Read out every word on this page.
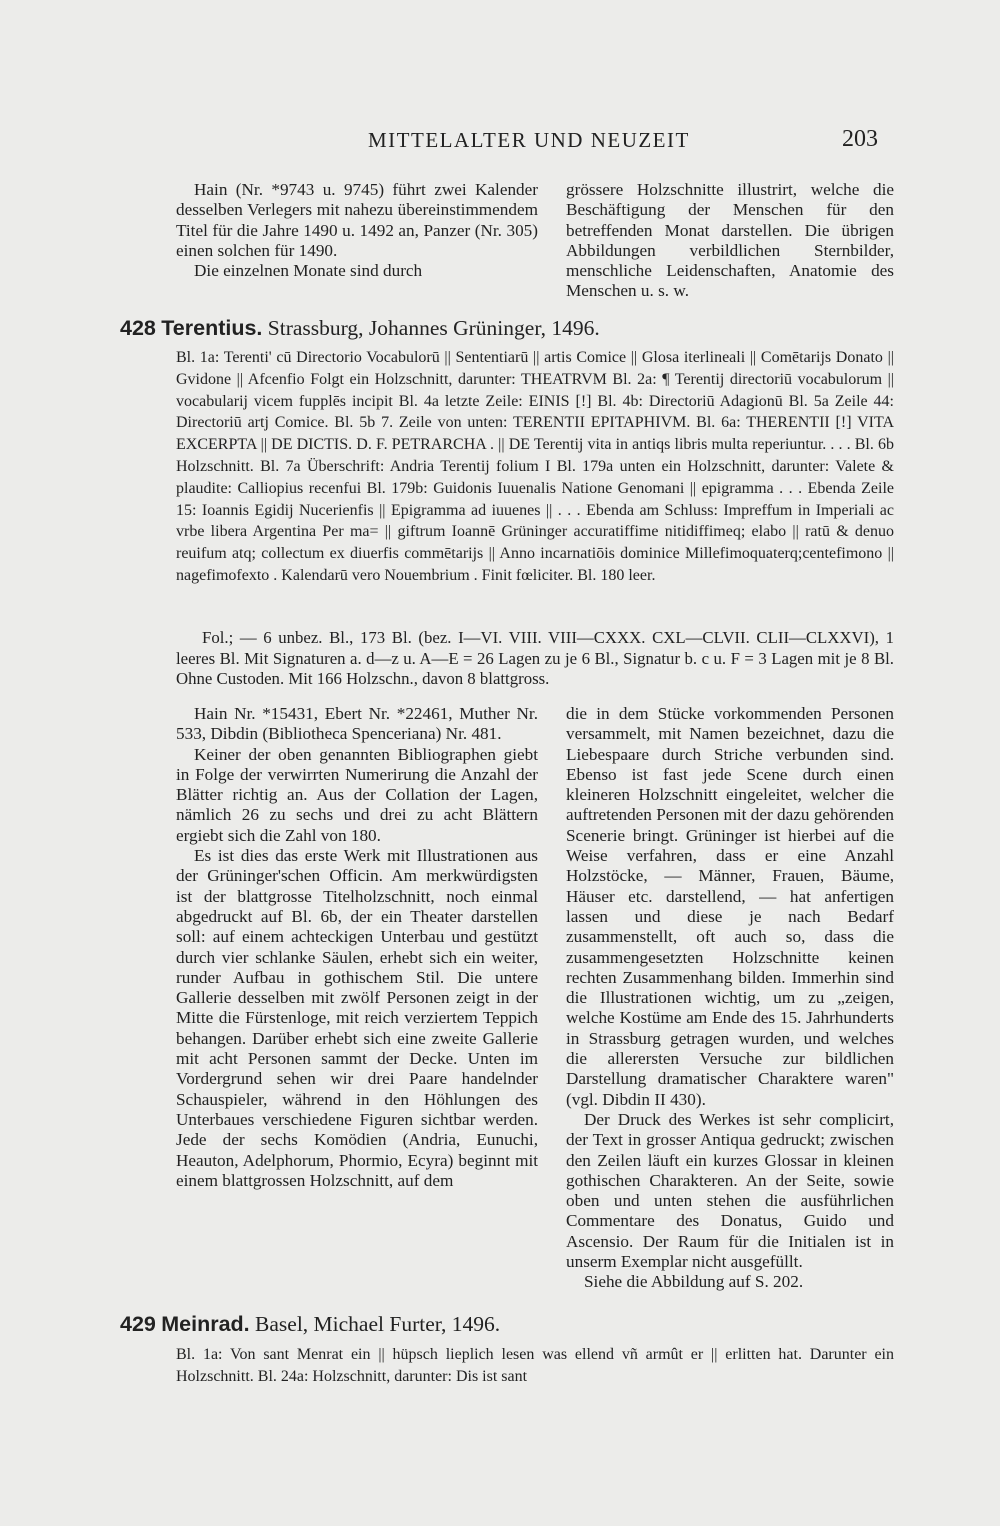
MITTELALTER UND NEUZEIT	203

Hain (Nr. *9743 u. 9745) führt zwei Kalender desselben Verlegers mit nahezu übereinstimmendem Titel für die Jahre 1490 u. 1492 an, Panzer (Nr. 305) einen solchen für 1490.

Die einzelnen Monate sind durch

grössere Holzschnitte illustrirt, welche die Beschäftigung der Menschen für den betreffenden Monat darstellen. Die übrigen Abbildungen verbildlichen Sternbilder, menschliche Leidenschaften, Anatomie des Menschen u. s. w.

428 Terentius. Strassburg, Johannes Grüninger, 1496.

Bl. 1a: Terenti' cū Directorio Vocabulorū || Sententiarū || artis Comice || Glosa iterlineali || Comētarijs Donato || Gvidone || Afcenfio Folgt ein Holzschnitt, darunter: THEATRVM Bl. 2a: ¶ Terentij directoriū vocabulorum || vocabularij vicem fupplēs incipit Bl. 4a letzte Zeile: EINIS [!] Bl. 4b: Directoriū Adagionū Bl. 5a Zeile 44: Directoriū artj Comice. Bl. 5b 7. Zeile von unten: TERENTII EPITAPHIVM. Bl. 6a: THERENTII [!] VITA EXCERPTA || DE DICTIS. D. F. PETRARCHA . || DE Terentij vita in antiqs libris multa reperiuntur. . . . Bl. 6b Holzschnitt. Bl. 7a Überschrift: Andria Terentij folium I Bl. 179a unten ein Holzschnitt, darunter: Valete & plaudite: Calliopius recenfui Bl. 179b: Guidonis Iuuenalis Natione Genomani || epigramma . . . Ebenda Zeile 15: Ioannis Egidij Nucerienfis || Epigramma ad iuuenes || . . . Ebenda am Schluss: Impreffum in Imperiali ac vrbe libera Argentina Per ma= || giftrum Ioannē Grüninger accuratiffime nitidiffimeq; elabo || ratū & denuo reuifum atq; collectum ex diuerfis commētarijs || Anno incarnatiōis dominice Millefimoquaterq;centefimono || nagefimofexto . Kalendarū vero Nouembrium . Finit fœliciter. Bl. 180 leer.

Fol.; — 6 unbez. Bl., 173 Bl. (bez. I—VI. VIII. VIII—CXXX. CXL—CLVII. CLII—CLXXVI), 1 leeres Bl. Mit Signaturen a. d—z u. A—E = 26 Lagen zu je 6 Bl., Signatur b. c u. F = 3 Lagen mit je 8 Bl. Ohne Custoden. Mit 166 Holzschn., davon 8 blattgross.

Hain Nr. *15431, Ebert Nr. *22461, Muther Nr. 533, Dibdin (Bibliotheca Spenceriana) Nr. 481.

Keiner der oben genannten Bibliographen giebt in Folge der verwirrten Numerirung die Anzahl der Blätter richtig an. Aus der Collation der Lagen, nämlich 26 zu sechs und drei zu acht Blättern ergiebt sich die Zahl von 180.

Es ist dies das erste Werk mit Illustrationen aus der Grüninger'schen Officin. Am merkwürdigsten ist der blattgrosse Titelholzschnitt, noch einmal abgedruckt auf Bl. 6b, der ein Theater darstellen soll: auf einem achteckigen Unterbau und gestützt durch vier schlanke Säulen, erhebt sich ein weiter, runder Aufbau in gothischem Stil. Die untere Gallerie desselben mit zwölf Personen zeigt in der Mitte die Fürstenloge, mit reich verziertem Teppich behangen. Darüber erhebt sich eine zweite Gallerie mit acht Personen sammt der Decke. Unten im Vordergrund sehen wir drei Paare handelnder Schauspieler, während in den Höhlungen des Unterbaues verschiedene Figuren sichtbar werden. Jede der sechs Komödien (Andria, Eunuchi, Heauton, Adelphorum, Phormio, Ecyra) beginnt mit einem blattgrossen Holzschnitt, auf dem

die in dem Stücke vorkommenden Personen versammelt, mit Namen bezeichnet, dazu die Liebespaare durch Striche verbunden sind. Ebenso ist fast jede Scene durch einen kleineren Holzschnitt eingeleitet, welcher die auftretenden Personen mit der dazu gehörenden Scenerie bringt. Grüninger ist hierbei auf die Weise verfahren, dass er eine Anzahl Holzstöcke, — Männer, Frauen, Bäume, Häuser etc. darstellend, — hat anfertigen lassen und diese je nach Bedarf zusammenstellt, oft auch so, dass die zusammengesetzten Holzschnitte keinen rechten Zusammenhang bilden. Immerhin sind die Illustrationen wichtig, um zu „zeigen, welche Kostüme am Ende des 15. Jahrhunderts in Strassburg getragen wurden, und welches die allerersten Versuche zur bildlichen Darstellung dramatischer Charaktere waren" (vgl. Dibdin II 430).

Der Druck des Werkes ist sehr complicirt, der Text in grosser Antiqua gedruckt; zwischen den Zeilen läuft ein kurzes Glossar in kleinen gothischen Charakteren. An der Seite, sowie oben und unten stehen die ausführlichen Commentare des Donatus, Guido und Ascensio. Der Raum für die Initialen ist in unserm Exemplar nicht ausgefüllt.

Siehe die Abbildung auf S. 202.

429 Meinrad. Basel, Michael Furter, 1496.

Bl. 1a: Von sant Menrat ein || hüpsch lieplich lesen was ellend vñ armût er || erlitten hat. Darunter ein Holzschnitt. Bl. 24a: Holzschnitt, darunter: Dis ist sant
